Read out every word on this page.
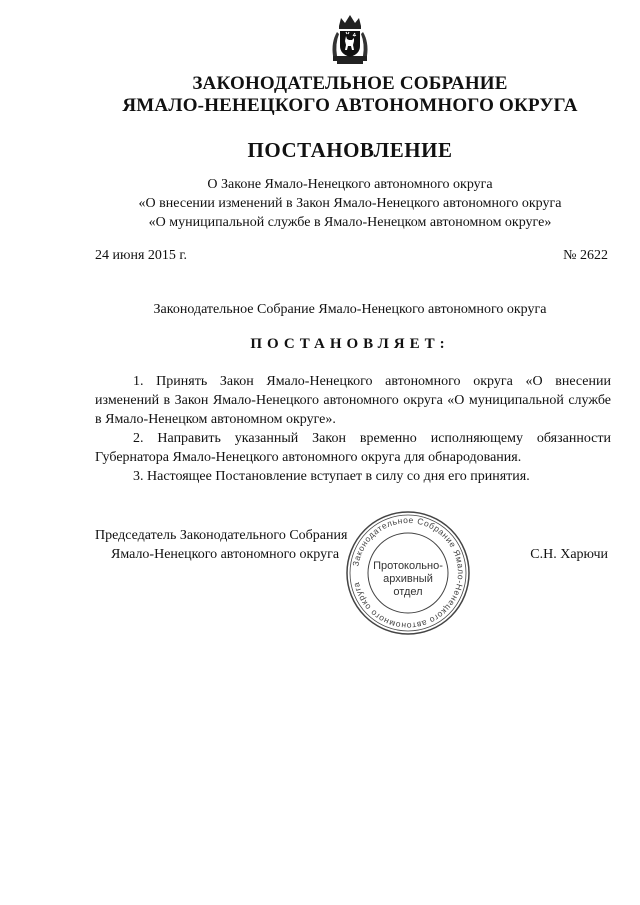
ЗАКОНОДАТЕЛЬНОЕ СОБРАНИЕ
ЯМАЛО-НЕНЕЦКОГО АВТОНОМНОГО ОКРУГА
ПОСТАНОВЛЕНИЕ
О Законе Ямало-Ненецкого автономного округа
«О внесении изменений в Закон Ямало-Ненецкого автономного округа
«О муниципальной службе в Ямало-Ненецком автономном округе»
24 июня 2015 г.	№ 2622
Законодательное Собрание Ямало-Ненецкого автономного округа
ПОСТАНОВЛЯЕТ:

1. Принять Закон Ямало-Ненецкого автономного округа «О внесении изменений в Закон Ямало-Ненецкого автономного округа «О муниципальной службе в Ямало-Ненецком автономном округе».

2. Направить указанный Закон временно исполняющему обязанности Губернатора Ямало-Ненецкого автономного округа для обнародования.

3. Настоящее Постановление вступает в силу со дня его принятия.

Председатель Законодательного Собрания
Ямало-Ненецкого автономного округа	С.Н. Харючи
Законодательное Собрание Ямало-Ненецкого автономного округа
Протокольно-
архивный
отдел
